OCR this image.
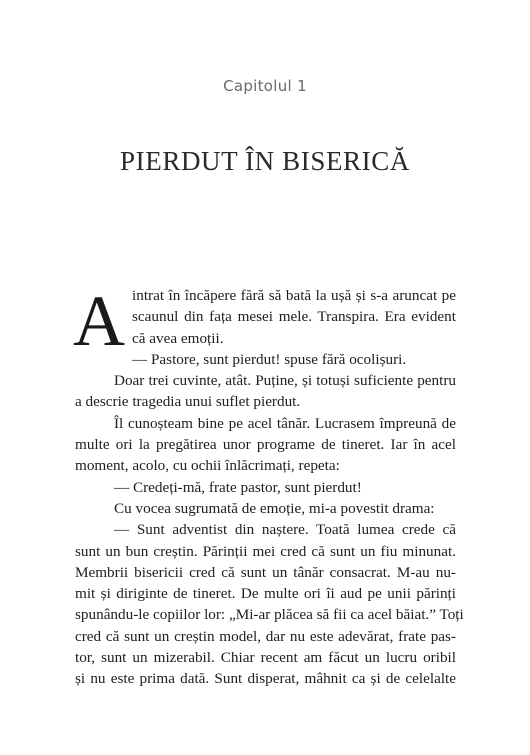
Capitolul 1
PIERDUT ÎN BISERICĂ
A intrat în încăpere fără să bată la ușă și s-a aruncat pe
scaunul din fața mesei mele. Transpira. Era evident
că avea emoții.
— Pastore, sunt pierdut! spuse fără ocolișuri.
Doar trei cuvinte, atât. Puține, și totuși suficiente pentru
a descrie tragedia unui suflet pierdut.
Îl cunoșteam bine pe acel tânăr. Lucrasem împreună de
multe ori la pregătirea unor programe de tineret. Iar în acel
moment, acolo, cu ochii înlăcrimați, repeta:
— Credeți-mă, frate pastor, sunt pierdut!
Cu vocea sugrumată de emoție, mi-a povestit drama:
— Sunt adventist din naștere. Toată lumea crede că
sunt un bun creștin. Părinții mei cred că sunt un fiu minunat.
Membrii bisericii cred că sunt un tânăr consacrat. M-au nu-
mit și diriginte de tineret. De multe ori îi aud pe unii părinți
spunându-le copiilor lor: „Mi-ar plăcea să fii ca acel băiat.” Toți
cred că sunt un creștin model, dar nu este adevărat, frate pas-
tor, sunt un mizerabil. Chiar recent am făcut un lucru oribil
și nu este prima dată. Sunt disperat, mâhnit ca și de celelalte
